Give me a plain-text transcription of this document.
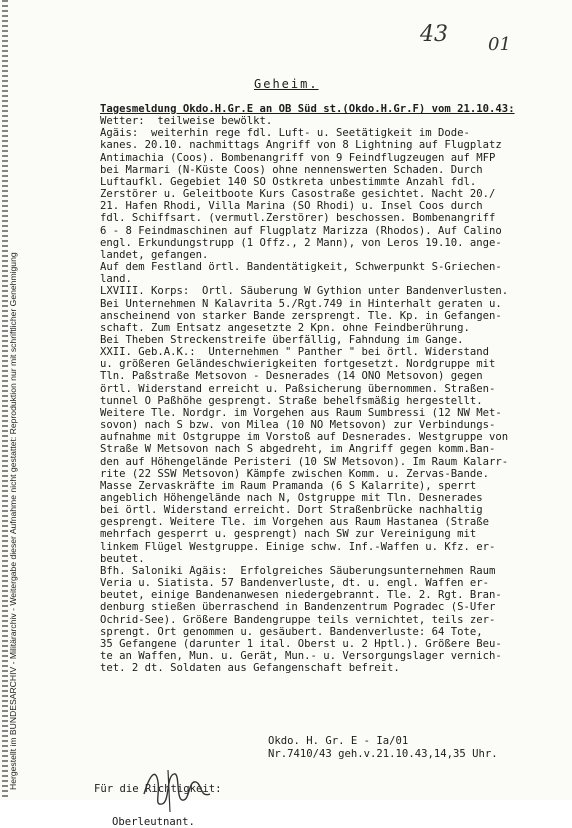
Hergestellt im BUNDESARCHIV - Militärarchiv - Weitergabe dieser Aufnahme nicht gestattet: Reproduktion nur mit schriftlicher Genehmigung
43 01
Geheim.
Tagesmeldung Okdo.H.Gr.E an OB Süd st.(Okdo.H.Gr.F) vom 21.10.43:
Wetter:  teilweise bewölkt.
Ägäis:  weiterhin rege fdl. Luft- u. Seetätigkeit im Dode-
kanes. 20.10. nachmittags Angriff von 8 Lightning auf Flugplatz
Antimachia (Coos). Bombenangriff von 9 Feindflugzeugen auf MFP
bei Marmari (N-Küste Coos) ohne nennenswerten Schaden. Durch
Luftaufkl. Gegebiet 140 SO Ostkreta unbestimmte Anzahl fdl.
Zerstörer u. Geleitboote Kurs Casostraße gesichtet. Nacht 20./
21. Hafen Rhodi, Villa Marina (SO Rhodi) u. Insel Coos durch
fdl. Schiffsart. (vermutl.Zerstörer) beschossen. Bombenangriff
6 - 8 Feindmaschinen auf Flugplatz Marizza (Rhodos). Auf Calino
engl. Erkundungstrupp (1 Offz., 2 Mann), von Leros 19.10. ange-
landet, gefangen.
Auf dem Festland örtl. Bandentätigkeit, Schwerpunkt S-Griechen-
land.
LXVIII. Korps:  Örtl. Säuberung W Gythion unter Bandenverlusten.
Bei Unternehmen N Kalavrita 5./Rgt.749 in Hinterhalt geraten u.
anscheinend von starker Bande zersprengt. Tle. Kp. in Gefangen-
schaft. Zum Entsatz angesetzte 2 Kpn. ohne Feindberührung.
Bei Theben Streckenstreife überfällig, Fahndung im Gange.
XXII. Geb.A.K.:  Unternehmen " Panther " bei örtl. Widerstand
u. größeren Geländeschwierigkeiten fortgesetzt. Nordgruppe mit
Tln. Paßstraße Metsovon - Desnerades (14 ONO Metsovon) gegen
örtl. Widerstand erreicht u. Paßsicherung übernommen. Straßen-
tunnel O Paßhöhe gesprengt. Straße behelfsmäßig hergestellt.
Weitere Tle. Nordgr. im Vorgehen aus Raum Sumbressi (12 NW Met-
sovon) nach S bzw. von Milea (10 NO Metsovon) zur Verbindungs-
aufnahme mit Ostgruppe im Vorstoß auf Desnerades. Westgruppe von
Straße W Metsovon nach S abgedreht, im Angriff gegen komm.Ban-
den auf Höhengelände Peristeri (10 SW Metsovon). Im Raum Kalarr-
rite (22 SSW Metsovon) Kämpfe zwischen Komm. u. Zervas-Bande.
Masse Zervaskräfte im Raum Pramanda (6 S Kalarrite), sperrt
angeblich Höhengelände nach N, Ostgruppe mit Tln. Desnerades
bei örtl. Widerstand erreicht. Dort Straßenbrücke nachhaltig
gesprengt. Weitere Tle. im Vorgehen aus Raum Hastanea (Straße
mehrfach gesperrt u. gesprengt) nach SW zur Vereinigung mit
linkem Flügel Westgruppe. Einige schw. Inf.-Waffen u. Kfz. er-
beutet.
Bfh. Saloniki Ägäis:  Erfolgreiches Säuberungsunternehmen Raum
Veria u. Siatista. 57 Bandenverluste, dt. u. engl. Waffen er-
beutet, einige Bandenanwesen niedergebrannt. Tle. 2. Rgt. Bran-
denburg stießen überraschend in Bandenzentrum Pogradec (S-Ufer
Ochrid-See). Größere Bandengruppe teils vernichtet, teils zer-
sprengt. Ort genommen u. gesäubert. Bandenverluste: 64 Tote,
35 Gefangene (darunter 1 ital. Oberst u. 2 Hptl.). Größere Beu-
te an Waffen, Mun. u. Gerät, Mun.- u. Versorgungslager vernich-
tet. 2 dt. Soldaten aus Gefangenschaft befreit.
Okdo. H. Gr. E - Ia/01
Nr.7410/43 geh.v.21.10.43,14,35 Uhr.
Für die Richtigkeit:
Oberleutnant.
